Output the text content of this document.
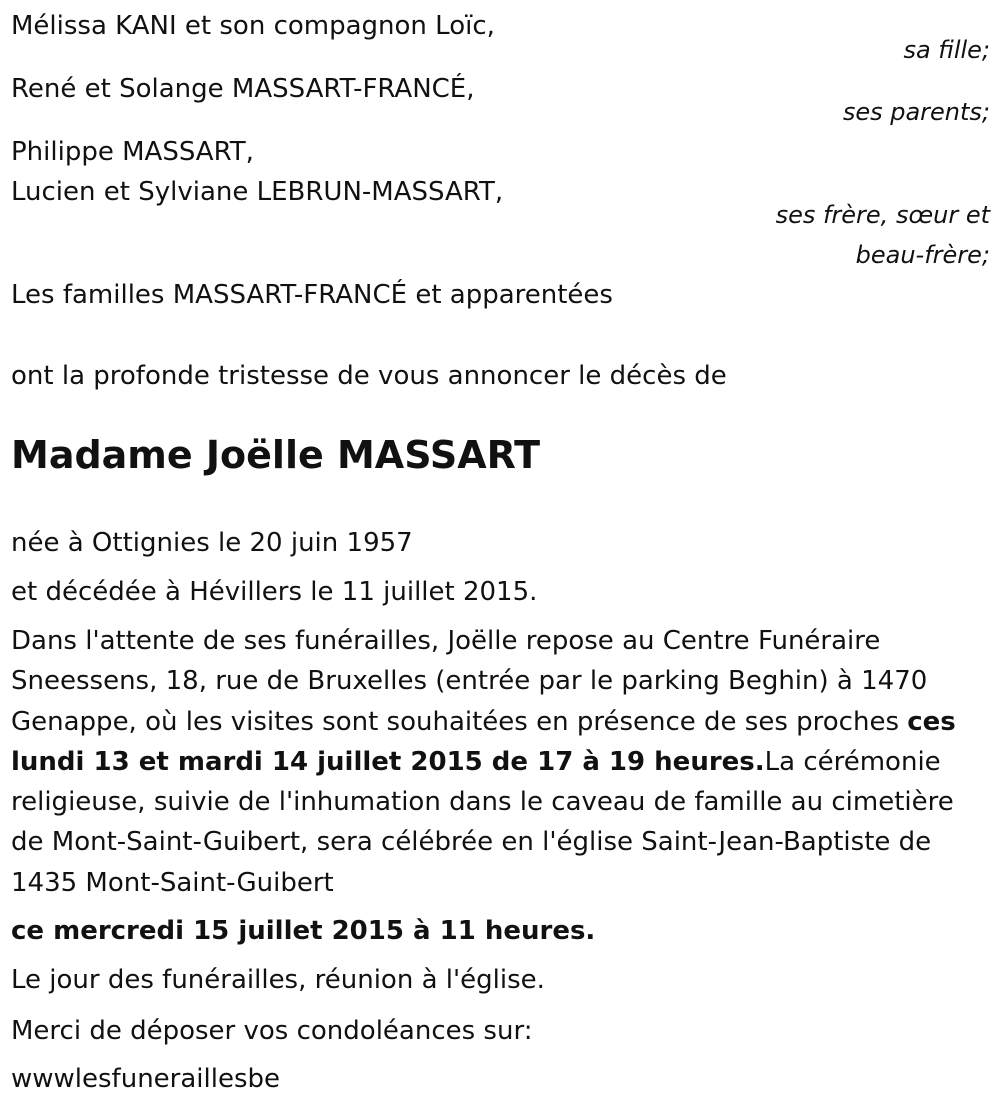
Mélissa KANI et son compagnon Loïc,
sa fille;
René et Solange MASSART-FRANCÉ,
ses parents;
Philippe MASSART,
Lucien et Sylviane LEBRUN-MASSART,
ses frère, sœur et
beau-frère;
Les familles MASSART-FRANCÉ et apparentées
ont la profonde tristesse de vous annoncer le décès de
Madame Joëlle MASSART
née à Ottignies le 20 juin 1957
et décédée à Hévillers le 11 juillet 2015.
Dans l'attente de ses funérailles, Joëlle repose au Centre Funéraire Sneessens, 18, rue de Bruxelles (entrée par le parking Beghin) à 1470 Genappe, où les visites sont souhaitées en présence de ses proches ces lundi 13 et mardi 14 juillet 2015 de 17 à 19 heures.La cérémonie religieuse, suivie de l'inhumation dans le caveau de famille au cimetière de Mont-Saint-Guibert, sera célébrée en l'église Saint-Jean-Baptiste de 1435 Mont-Saint-Guibert
ce mercredi 15 juillet 2015 à 11 heures.
Le jour des funérailles, réunion à l'église.
Merci de déposer vos condoléances sur:
wwwlesfuneraillesbe
